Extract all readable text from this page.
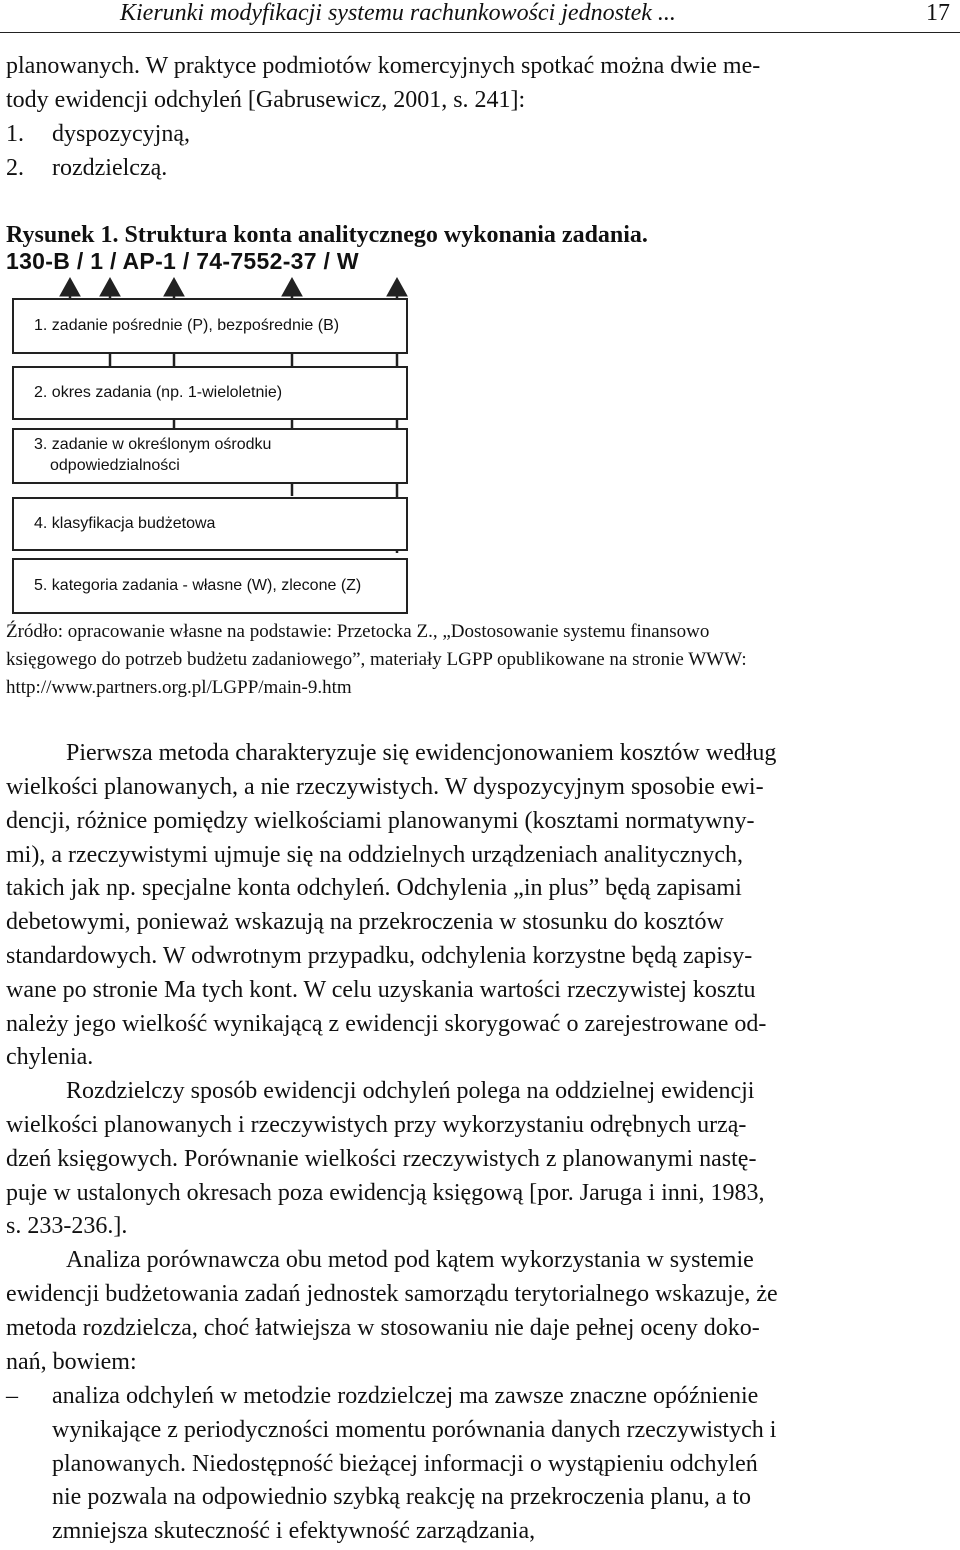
Kierunki modyfikacji systemu rachunkowości jednostek ...	17
planowanych. W praktyce podmiotów komercyjnych spotkać można dwie me-
tody ewidencji odchyleń [Gabrusewicz, 2001, s. 241]:
1. dyspozycyjną,
2. rozdzielczą.
Rysunek 1. Struktura konta analitycznego wykonania zadania.
130-B / 1 / AP-1 / 74-7552-37 / W
1. zadanie pośrednie (P), bezpośrednie (B)
2. okres zadania (np. 1-wieloletnie)
3. zadanie w określonym ośrodku
odpowiedzialności
4. klasyfikacja budżetowa
5. kategoria zadania - własne (W), zlecone (Z)
Źródło: opracowanie własne na podstawie: Przetocka Z., „Dostosowanie systemu finansowo
księgowego do potrzeb budżetu zadaniowego”, materiały LGPP opublikowane na stronie WWW:
http://www.partners.org.pl/LGPP/main-9.htm
Pierwsza metoda charakteryzuje się ewidencjonowaniem kosztów według
wielkości planowanych, a nie rzeczywistych. W dyspozycyjnym sposobie ewi-
dencji, różnice pomiędzy wielkościami planowanymi (kosztami normatywny-
mi), a rzeczywistymi ujmuje się na oddzielnych urządzeniach analitycznych,
takich jak np. specjalne konta odchyleń. Odchylenia „in plus” będą zapisami
debetowymi, ponieważ wskazują na przekroczenia w stosunku do kosztów
standardowych. W odwrotnym przypadku, odchylenia korzystne będą zapisy-
wane po stronie Ma tych kont. W celu uzyskania wartości rzeczywistej kosztu
należy jego wielkość wynikającą z ewidencji skorygować o zarejestrowane od-
chylenia.
Rozdzielczy sposób ewidencji odchyleń polega na oddzielnej ewidencji
wielkości planowanych i rzeczywistych przy wykorzystaniu odrębnych urzą-
dzeń księgowych. Porównanie wielkości rzeczywistych z planowanymi nastę-
puje w ustalonych okresach poza ewidencją księgową [por. Jaruga i inni, 1983,
s. 233-236.].
Analiza porównawcza obu metod pod kątem wykorzystania w systemie
ewidencji budżetowania zadań jednostek samorządu terytorialnego wskazuje, że
metoda rozdzielcza, choć łatwiejsza w stosowaniu nie daje pełnej oceny doko-
nań, bowiem:
– analiza odchyleń w metodzie rozdzielczej ma zawsze znaczne opóźnienie
wynikające z periodyczności momentu porównania danych rzeczywistych i
planowanych. Niedostępność bieżącej informacji o wystąpieniu odchyleń
nie pozwala na odpowiednio szybką reakcję na przekroczenia planu, a to
zmniejsza skuteczność i efektywność zarządzania,
